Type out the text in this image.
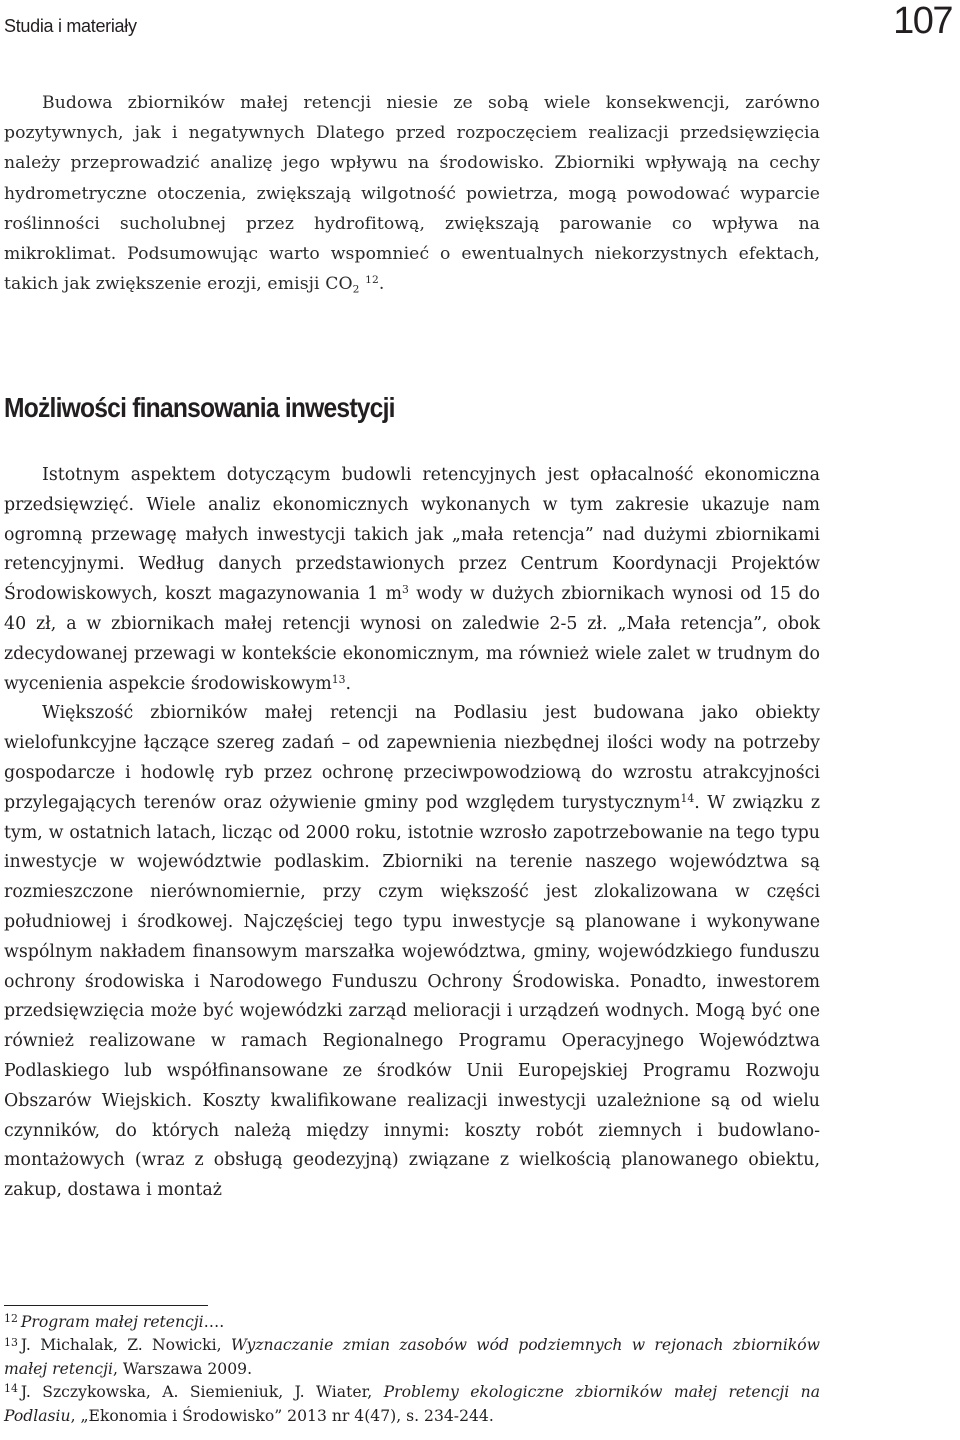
Studia i materiały	107

Budowa zbiorników małej retencji niesie ze sobą wiele konsekwencji, zarówno pozytywnych, jak i negatywnych Dlatego przed rozpoczęciem realizacji przedsięwzięcia należy przeprowadzić analizę jego wpływu na środowisko. Zbiorniki wpływają na cechy hydrometryczne otoczenia, zwiększają wilgotność powietrza, mogą powodować wyparcie roślinności sucholubnej przez hydrofitową, zwiększają parowanie co wpływa na mikroklimat. Podsumowując warto wspomnieć o ewentualnych niekorzystnych efektach, takich jak zwiększenie erozji, emisji $CO_2$ $^{12}$.

Możliwości finansowania inwestycji

Istotnym aspektem dotyczącym budowli retencyjnych jest opłacalność ekonomiczna przedsięwzięć. Wiele analiz ekonomicznych wykonanych w tym zakresie ukazuje nam ogromną przewagę małych inwestycji takich jak „mała retencja” nad dużymi zbiornikami retencyjnymi. Według danych przedstawionych przez Centrum Koordynacji Projektów Środowiskowych, koszt magazynowania 1 $m^3$ wody w dużych zbiornikach wynosi od 15 do 40 zł, a w zbiornikach małej retencji wynosi on zaledwie 2-5 zł. „Mała retencja”, obok zdecydowanej przewagi w kontekście ekonomicznym, ma również wiele zalet w trudnym do wycenienia aspekcie środowiskowym$^{13}$.

Większość zbiorników małej retencji na Podlasiu jest budowana jako obiekty wielofunkcyjne łączące szereg zadań – od zapewnienia niezbędnej ilości wody na potrzeby gospodarcze i hodowlę ryb przez ochronę przeciwpowodziową do wzrostu atrakcyjności przylegających terenów oraz ożywienie gminy pod względem turystycznym$^{14}$. W związku z tym, w ostatnich latach, licząc od 2000 roku, istotnie wzrosło zapotrzebowanie na tego typu inwestycje w województwie podlaskim. Zbiorniki na terenie naszego województwa są rozmieszczone nierównomiernie, przy czym większość jest zlokalizowana w części południowej i środkowej. Najczęściej tego typu inwestycje są planowane i wykonywane wspólnym nakładem finansowym marszałka województwa, gminy, wojewódzkiego funduszu ochrony środowiska i Narodowego Funduszu Ochrony Środowiska. Ponadto, inwestorem przedsięwzięcia może być wojewódzki zarząd melioracji i urządzeń wodnych. Mogą być one również realizowane w ramach Regionalnego Programu Operacyjnego Województwa Podlaskiego lub współfinansowane ze środków Unii Europejskiej Programu Rozwoju Obszarów Wiejskich. Koszty kwalifikowane realizacji inwestycji uzależnione są od wielu czynników, do których należą między innymi: koszty robót ziemnych i budowlano-montażowych (wraz z obsługą geodezyjną) związane z wielkością planowanego obiektu, zakup, dostawa i montaż

$^{12}$ Program małej retencji….

$^{13}$ J. Michalak, Z. Nowicki, Wyznaczanie zmian zasobów wód podziemnych w rejonach zbiorników małej retencji, Warszawa 2009.

$^{14}$ J. Szczykowska, A. Siemieniuk, J. Wiater, Problemy ekologiczne zbiorników małej retencji na Podlasiu, „Ekonomia i Środowisko” 2013 nr 4(47), s. 234-244.
